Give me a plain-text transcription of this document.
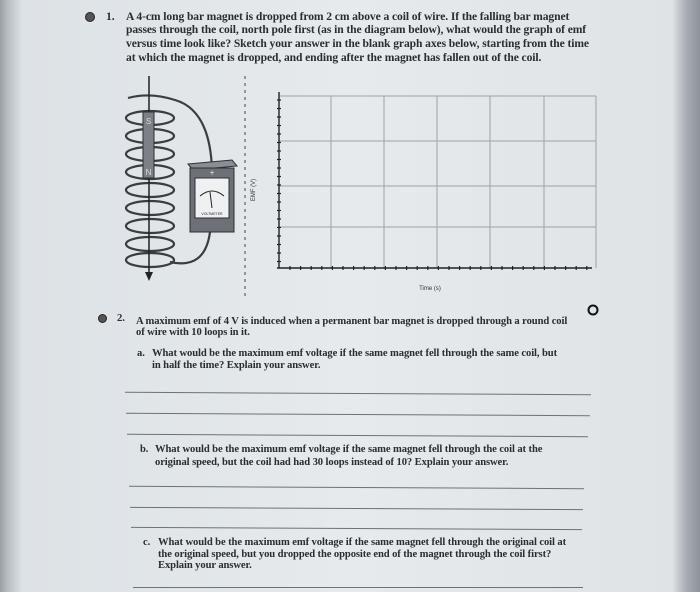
1. A 4-cm long bar magnet is dropped from 2 cm above a coil of wire. If the falling bar magnet
passes through the coil, north pole first (as in the diagram below), what would the graph of emf
versus time look like? Sketch your answer in the blank graph axes below, starting from the time
at which the magnet is dropped, and ending after the magnet has fallen out of the coil.
S
N	+
VOLTMETER
EMF (V)
Time (s)
2. A maximum emf of 4 V is induced when a permanent bar magnet is dropped through a round coil
of wire with 10 loops in it.
a. What would be the maximum emf voltage if the same magnet fell through the same coil, but
in half the time? Explain your answer.
b. What would be the maximum emf voltage if the same magnet fell through the coil at the
original speed, but the coil had had 30 loops instead of 10? Explain your answer.
c. What would be the maximum emf voltage if the same magnet fell through the original coil at
the original speed, but you dropped the opposite end of the magnet through the coil first?
Explain your answer.
